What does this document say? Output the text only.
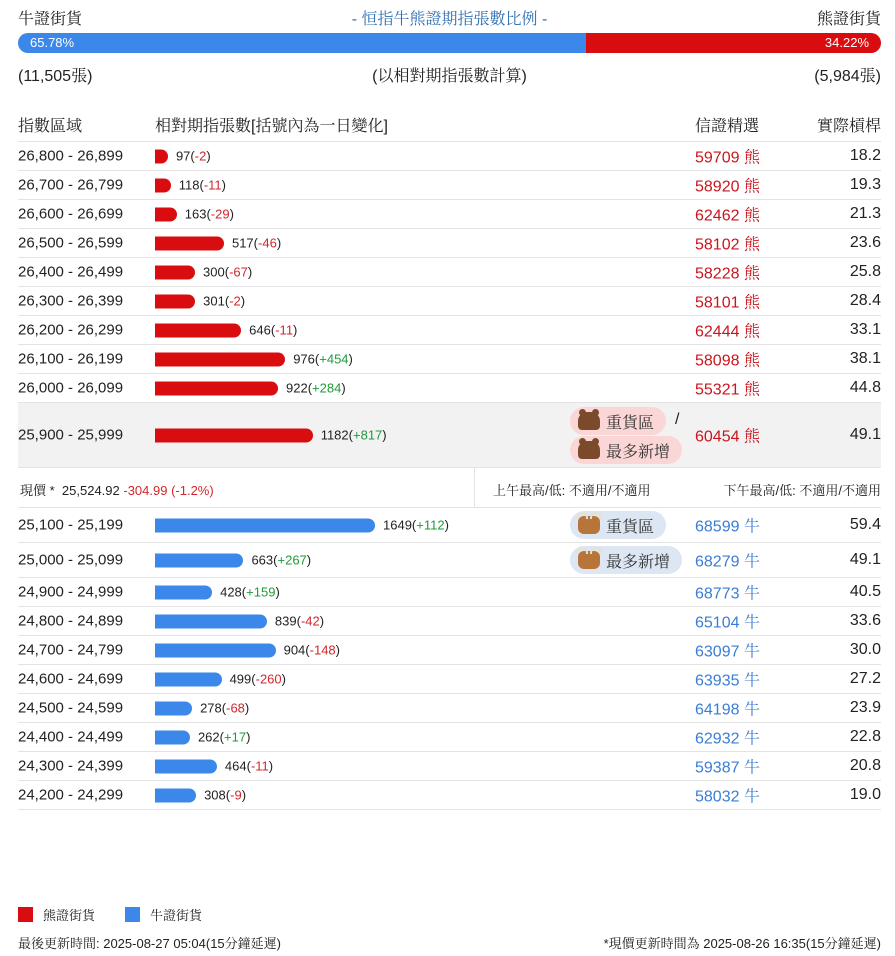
牛證街貨	- 恒指牛熊證期指張數比例 -	熊證街貨
65.78%	34.22%
(11,505張)	(以相對期指張數計算)	(5,984張)
指數區域	相對期指張數[括號內為一日變化]	信證精選	實際槓桿
26,800 - 26,899	97(-2)	59709 熊	18.2
26,700 - 26,799	118(-11)	58920 熊	19.3
26,600 - 26,699	163(-29)	62462 熊	21.3
26,500 - 26,599	517(-46)	58102 熊	23.6
26,400 - 26,499	300(-67)	58228 熊	25.8
26,300 - 26,399	301(-2)	58101 熊	28.4
26,200 - 26,299	646(-11)	62444 熊	33.1
26,100 - 26,199	976(+454)	58098 熊	38.1
26,000 - 26,099	922(+284)	55321 熊	44.8
25,900 - 25,999	1182(+817)	60454 熊	49.1
重貨區 /
最多新增
現價 * 25,524.92 -304.99 (-1.2%)	上午最高/低: 不適用/不適用	下午最高/低: 不適用/不適用
25,100 - 25,199	1649(+112)	68599 牛	59.4
重貨區
25,000 - 25,099	663(+267)	68279 牛	49.1
最多新增
24,900 - 24,999	428(+159)	68773 牛	40.5
24,800 - 24,899	839(-42)	65104 牛	33.6
24,700 - 24,799	904(-148)	63097 牛	30.0
24,600 - 24,699	499(-260)	63935 牛	27.2
24,500 - 24,599	278(-68)	64198 牛	23.9
24,400 - 24,499	262(+17)	62932 牛	22.8
24,300 - 24,399	464(-11)	59387 牛	20.8
24,200 - 24,299	308(-9)	58032 牛	19.0
熊證街貨	牛證街貨
最後更新時間: 2025-08-27 05:04(15分鐘延遲)	*現價更新時間為 2025-08-26 16:35(15分鐘延遲)
